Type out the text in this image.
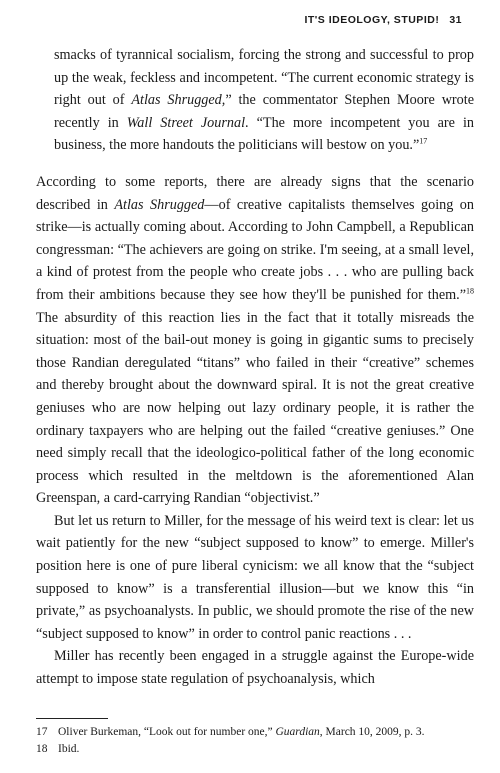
IT'S IDEOLOGY, STUPID! 31
smacks of tyrannical socialism, forcing the strong and successful to prop up the weak, feckless and incompetent. “The current economic strategy is right out of Atlas Shrugged,” the commentator Stephen Moore wrote recently in Wall Street Journal. “The more incompetent you are in business, the more handouts the politicians will bestow on you.”$^{17}$

According to some reports, there are already signs that the scenario described in Atlas Shrugged—of creative capitalists themselves going on strike—is actually coming about. According to John Campbell, a Republican congressman: “The achievers are going on strike. I'm seeing, at a small level, a kind of protest from the people who create jobs . . . who are pulling back from their ambitions because they see how they'll be punished for them.”$^{18}$ The absurdity of this reaction lies in the fact that it totally misreads the situation: most of the bail-out money is going in gigantic sums to precisely those Randian deregulated “titans” who failed in their “creative” schemes and thereby brought about the downward spiral. It is not the great creative geniuses who are now helping out lazy ordinary people, it is rather the ordinary taxpayers who are helping out the failed “creative geniuses.” One need simply recall that the ideologico-political father of the long economic process which resulted in the meltdown is the aforementioned Alan Greenspan, a card-carrying Randian “objectivist.”

But let us return to Miller, for the message of his weird text is clear: let us wait patiently for the new “subject supposed to know” to emerge. Miller's position here is one of pure liberal cynicism: we all know that the “subject supposed to know” is a transferential illusion—but we know this “in private,” as psychoanalysts. In public, we should promote the rise of the new “subject supposed to know” in order to control panic reactions . . .

Miller has recently been engaged in a struggle against the Europe-wide attempt to impose state regulation of psychoanalysis, which

17 Oliver Burkeman, “Look out for number one,” Guardian, March 10, 2009, p. 3.
18 Ibid.
